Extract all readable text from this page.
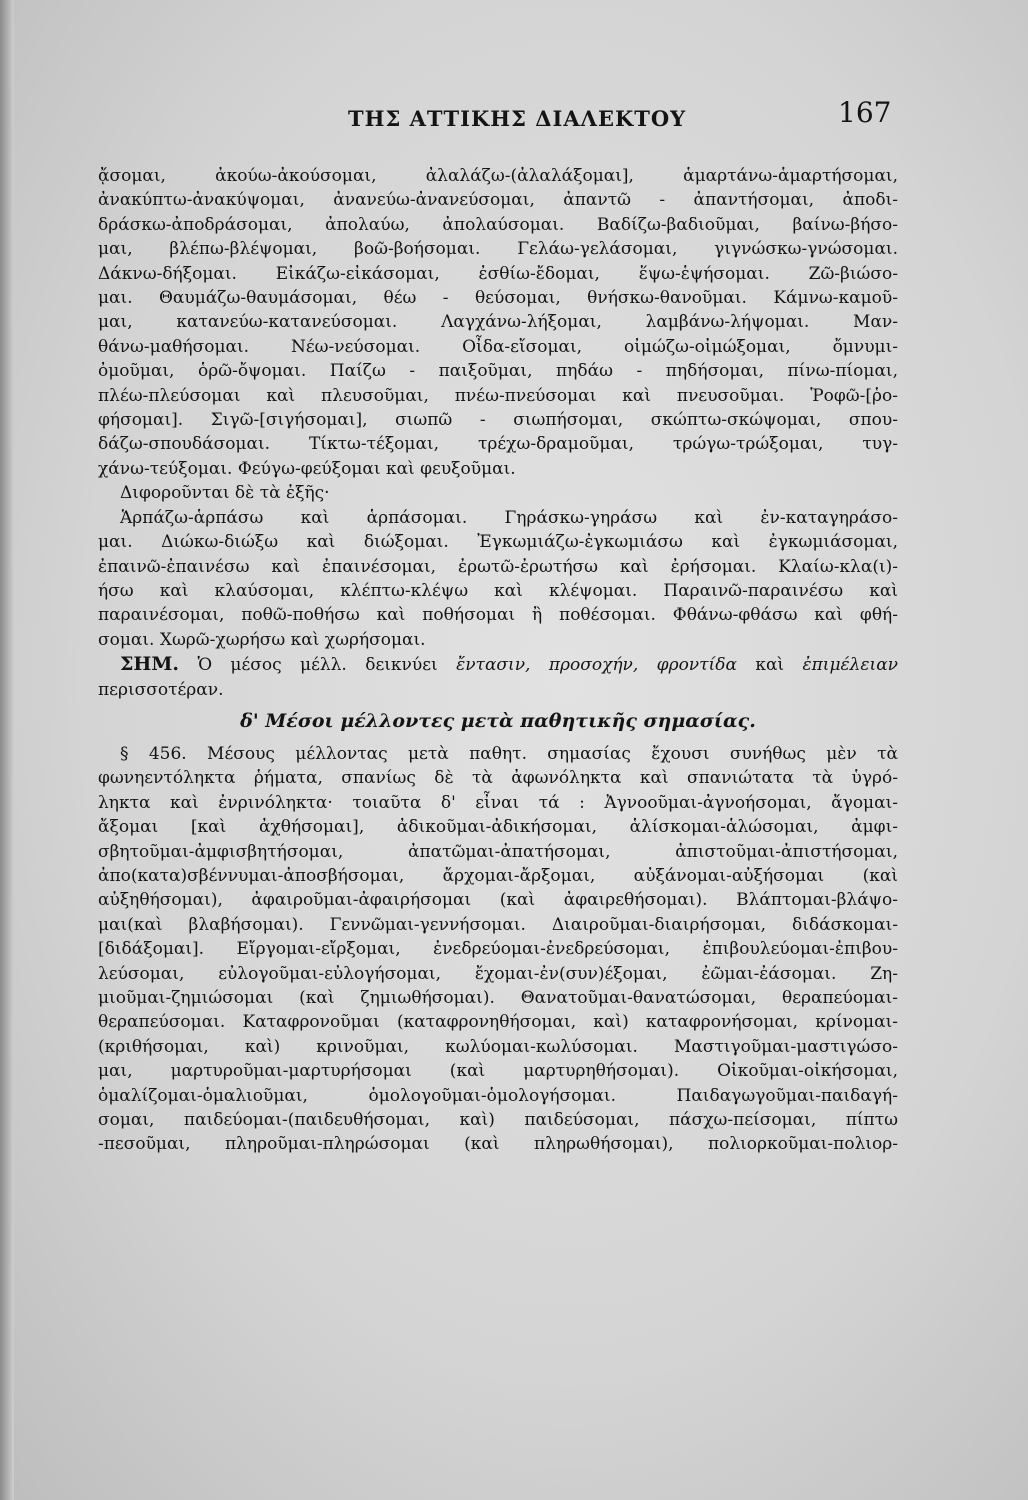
ΤΗΣ ΑΤΤΙΚΗΣ ΔΙΑΛΕΚΤΟΥ	167
ᾄσομαι, ἀκούω-ἀκούσομαι, ἀλαλάζω-(ἀλαλάξομαι], ἁμαρτάνω-ἁμαρτήσομαι,
ἀνακύπτω-ἀνακύψομαι, ἀνανεύω-ἀνανεύσομαι, ἀπαντῶ - ἀπαντήσομαι, ἀποδι-
δράσκω-ἀποδράσομαι, ἀπολαύω, ἀπολαύσομαι. Βαδίζω-βαδιοῦμαι, βαίνω-βήσο-
μαι, βλέπω-βλέψομαι, βοῶ-βοήσομαι. Γελάω-γελάσομαι, γιγνώσκω-γνώσομαι.
Δάκνω-δήξομαι. Εἰκάζω-εἰκάσομαι, ἐσθίω-ἔδομαι, ἕψω-ἑψήσομαι. Ζῶ-βιώσο-
μαι. Θαυμάζω-θαυμάσομαι, θέω - θεύσομαι, θνήσκω-θανοῦμαι. Κάμνω-καμοῦ-
μαι, κατανεύω-κατανεύσομαι. Λαγχάνω-λήξομαι, λαμβάνω-λήψομαι. Μαν-
θάνω-μαθήσομαι. Νέω-νεύσομαι. Οἶδα-εἴσομαι, οἰμώζω-οἰμώξομαι, ὄμνυμι-
ὀμοῦμαι, ὁρῶ-ὄψομαι. Παίζω - παιξοῦμαι, πηδάω - πηδήσομαι, πίνω-πίομαι,
πλέω-πλεύσομαι καὶ πλευσοῦμαι, πνέω-πνεύσομαι καὶ πνευσοῦμαι. Ῥοφῶ-[ῥο-
φήσομαι]. Σιγῶ-[σιγήσομαι], σιωπῶ - σιωπήσομαι, σκώπτω-σκώψομαι, σπου-
δάζω-σπουδάσομαι. Τίκτω-τέξομαι, τρέχω-δραμοῦμαι, τρώγω-τρώξομαι, τυγ-
χάνω-τεύξομαι. Φεύγω-φεύξομαι καὶ φευξοῦμαι.
Διφοροῦνται δὲ τὰ ἑξῆς·
Ἁρπάζω-ἁρπάσω καὶ ἁρπάσομαι. Γηράσκω-γηράσω καὶ ἐν-καταγηράσο-
μαι. Διώκω-διώξω καὶ διώξομαι. Ἐγκωμιάζω-ἐγκωμιάσω καὶ ἐγκωμιάσομαι,
ἐπαινῶ-ἐπαινέσω καὶ ἐπαινέσομαι, ἐρωτῶ-ἐρωτήσω καὶ ἐρήσομαι. Κλαίω-κλα(ι)-
ήσω καὶ κλαύσομαι, κλέπτω-κλέψω καὶ κλέψομαι. Παραινῶ-παραινέσω καὶ
παραινέσομαι, ποθῶ-ποθήσω καὶ ποθήσομαι ἢ ποθέσομαι. Φθάνω-φθάσω καὶ φθή-
σομαι. Χωρῶ-χωρήσω καὶ χωρήσομαι.
ΣΗΜ. Ὁ μέσος μέλλ. δεικνύει ἔντασιν, προσοχήν, φροντίδα καὶ ἐπιμέλειαν
περισσοτέραν.
δ' Μέσοι μέλλοντες μετὰ παθητικῆς σημασίας.
§ 456. Μέσους μέλλοντας μετὰ παθητ. σημασίας ἔχουσι συνήθως μὲν τὰ
φωνηεντόληκτα ῥήματα, σπανίως δὲ τὰ ἀφωνόληκτα καὶ σπανιώτατα τὰ ὑγρό-
ληκτα καὶ ἐνρινόληκτα· τοιαῦτα δ' εἶναι τά : Ἀγνοοῦμαι-ἀγνοήσομαι, ἄγομαι-
ἄξομαι [καὶ ἀχθήσομαι], ἀδικοῦμαι-ἀδικήσομαι, ἁλίσκομαι-ἁλώσομαι, ἀμφι-
σβητοῦμαι-ἀμφισβητήσομαι, ἀπατῶμαι-ἀπατήσομαι, ἀπιστοῦμαι-ἀπιστήσομαι,
ἀπο(κατα)σβέννυμαι-ἀποσβήσομαι, ἄρχομαι-ἄρξομαι, αὐξάνομαι-αὐξήσομαι (καὶ
αὐξηθήσομαι), ἀφαιροῦμαι-ἀφαιρήσομαι (καὶ ἀφαιρεθήσομαι). Βλάπτομαι-βλάψο-
μαι(καὶ βλαβήσομαι). Γεννῶμαι-γεννήσομαι. Διαιροῦμαι-διαιρήσομαι, διδάσκομαι-
[διδάξομαι]. Εἴργομαι-εἴρξομαι, ἐνεδρεύομαι-ἐνεδρεύσομαι, ἐπιβουλεύομαι-ἐπιβου-
λεύσομαι, εὐλογοῦμαι-εὐλογήσομαι, ἔχομαι-ἐν(συν)έξομαι, ἐῶμαι-ἐάσομαι. Ζη-
μιοῦμαι-ζημιώσομαι (καὶ ζημιωθήσομαι). Θανατοῦμαι-θανατώσομαι, θεραπεύομαι-
θεραπεύσομαι. Καταφρονοῦμαι (καταφρονηθήσομαι, καὶ) καταφρονήσομαι, κρίνομαι-
(κριθήσομαι, καὶ) κρινοῦμαι, κωλύομαι-κωλύσομαι. Μαστιγοῦμαι-μαστιγώσο-
μαι, μαρτυροῦμαι-μαρτυρήσομαι (καὶ μαρτυρηθήσομαι). Οἰκοῦμαι-οἰκήσομαι,
ὁμαλίζομαι-ὁμαλιοῦμαι, ὁμολογοῦμαι-ὁμολογήσομαι. Παιδαγωγοῦμαι-παιδαγή-
σομαι, παιδεύομαι-(παιδευθήσομαι, καὶ) παιδεύσομαι, πάσχω-πείσομαι, πίπτω
-πεσοῦμαι, πληροῦμαι-πληρώσομαι (καὶ πληρωθήσομαι), πολιορκοῦμαι-πολιορ-
